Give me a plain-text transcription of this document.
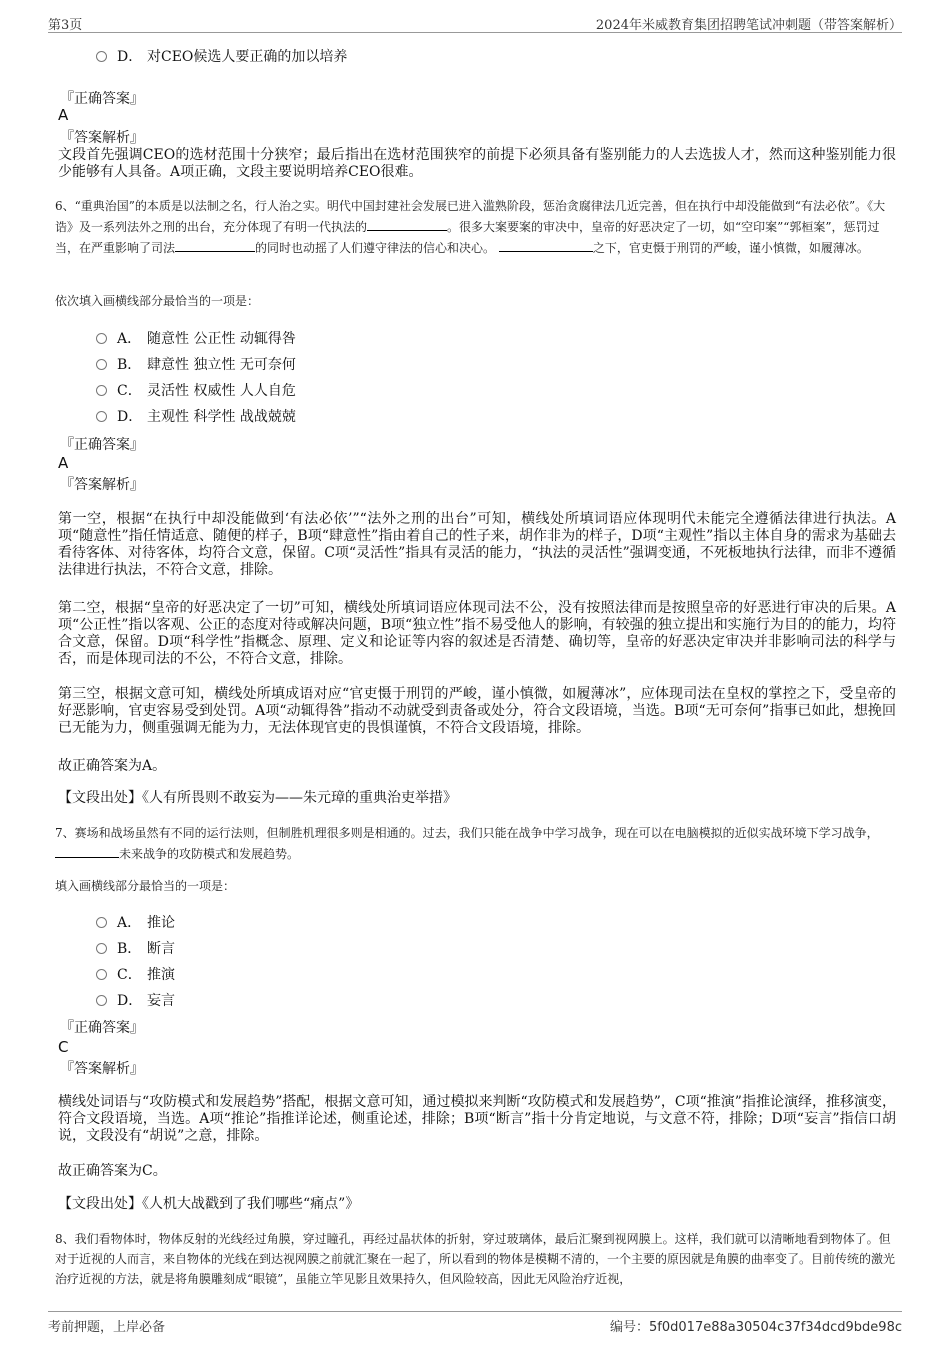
第3页	2024年米威教育集团招聘笔试冲刺题（带答案解析）
D． 对CEO候选人要正确的加以培养
『正确答案』
A
『答案解析』
文段首先强调CEO的选材范围十分狭窄；最后指出在选材范围狭窄的前提下必须具备有鉴别能力的人去选拔人才，然而这种鉴别能力很少能够有人具备。A项正确，文段主要说明培养CEO很难。
6、“重典治国”的本质是以法制之名，行人治之实。明代中国封建社会发展已进入滥熟阶段，惩治贪腐律法几近完善，但在执行中却没能做到“有法必依”。《大诰》及一系列法外之刑的出台，充分体现了有明一代执法的	。很多大案要案的审决中，皇帝的好恶决定了一切，如“空印案”“郭桓案”，惩罚过当，在严重影响了司法	的同时也动摇了人们遵守律法的信心和决心。	之下，官吏慑于刑罚的严峻，谨小慎微，如履薄冰。
依次填入画横线部分最恰当的一项是：
A． 随意性 公正性 动辄得咎
B． 肆意性 独立性 无可奈何
C． 灵活性 权威性 人人自危
D． 主观性 科学性 战战兢兢
『正确答案』
A
『答案解析』
第一空，根据“在执行中却没能做到‘有法必依’”“法外之刑的出台”可知，横线处所填词语应体现明代未能完全遵循法律进行执法。A项“随意性”指任情适意、随便的样子，B项“肆意性”指由着自己的性子来，胡作非为的样子，D项“主观性”指以主体自身的需求为基础去看待客体、对待客体，均符合文意，保留。C项“灵活性”指具有灵活的能力，“执法的灵活性”强调变通，不死板地执行法律，而非不遵循法律进行执法，不符合文意，排除。
第二空，根据“皇帝的好恶决定了一切”可知，横线处所填词语应体现司法不公，没有按照法律而是按照皇帝的好恶进行审决的后果。A项“公正性”指以客观、公正的态度对待或解决问题，B项“独立性”指不易受他人的影响，有较强的独立提出和实施行为目的的能力，均符合文意，保留。D项“科学性”指概念、原理、定义和论证等内容的叙述是否清楚、确切等，皇帝的好恶决定审决并非影响司法的科学与否，而是体现司法的不公，不符合文意，排除。
第三空，根据文意可知，横线处所填成语对应“官吏慑于刑罚的严峻，谨小慎微，如履薄冰”，应体现司法在皇权的掌控之下，受皇帝的好恶影响，官吏容易受到处罚。A项“动辄得咎”指动不动就受到责备或处分，符合文段语境，当选。B项“无可奈何”指事已如此，想挽回已无能为力，侧重强调无能为力，无法体现官吏的畏惧谨慎，不符合文段语境，排除。
故正确答案为A。
【文段出处】《人有所畏则不敢妄为——朱元璋的重典治吏举措》
7、赛场和战场虽然有不同的运行法则，但制胜机理很多则是相通的。过去，我们只能在战争中学习战争，现在可以在电脑模拟的近似实战环境下学习战争，未来战争的攻防模式和发展趋势。
填入画横线部分最恰当的一项是：
A． 推论
B． 断言
C． 推演
D． 妄言
『正确答案』
C
『答案解析』
横线处词语与“攻防模式和发展趋势”搭配，根据文意可知，通过模拟来判断“攻防模式和发展趋势”，C项“推演”指推论演绎，推移演变，符合文段语境，当选。A项“推论”指推详论述，侧重论述，排除；B项“断言”指十分肯定地说，与文意不符，排除；D项“妄言”指信口胡说，文段没有“胡说”之意，排除。
故正确答案为C。
【文段出处】《人机大战戳到了我们哪些“痛点”》
8、我们看物体时，物体反射的光线经过角膜，穿过瞳孔，再经过晶状体的折射，穿过玻璃体，最后汇聚到视网膜上。这样，我们就可以清晰地看到物体了。但对于近视的人而言，来自物体的光线在到达视网膜之前就汇聚在一起了，所以看到的物体是模糊不清的，一个主要的原因就是角膜的曲率变了。目前传统的激光治疗近视的方法，就是将角膜雕刻成“眼镜”，虽能立竿见影且效果持久，但风险较高，因此无风险治疗近视，
考前押题，上岸必备	编号：5f0d017e88a30504c37f34dcd9bde98c
